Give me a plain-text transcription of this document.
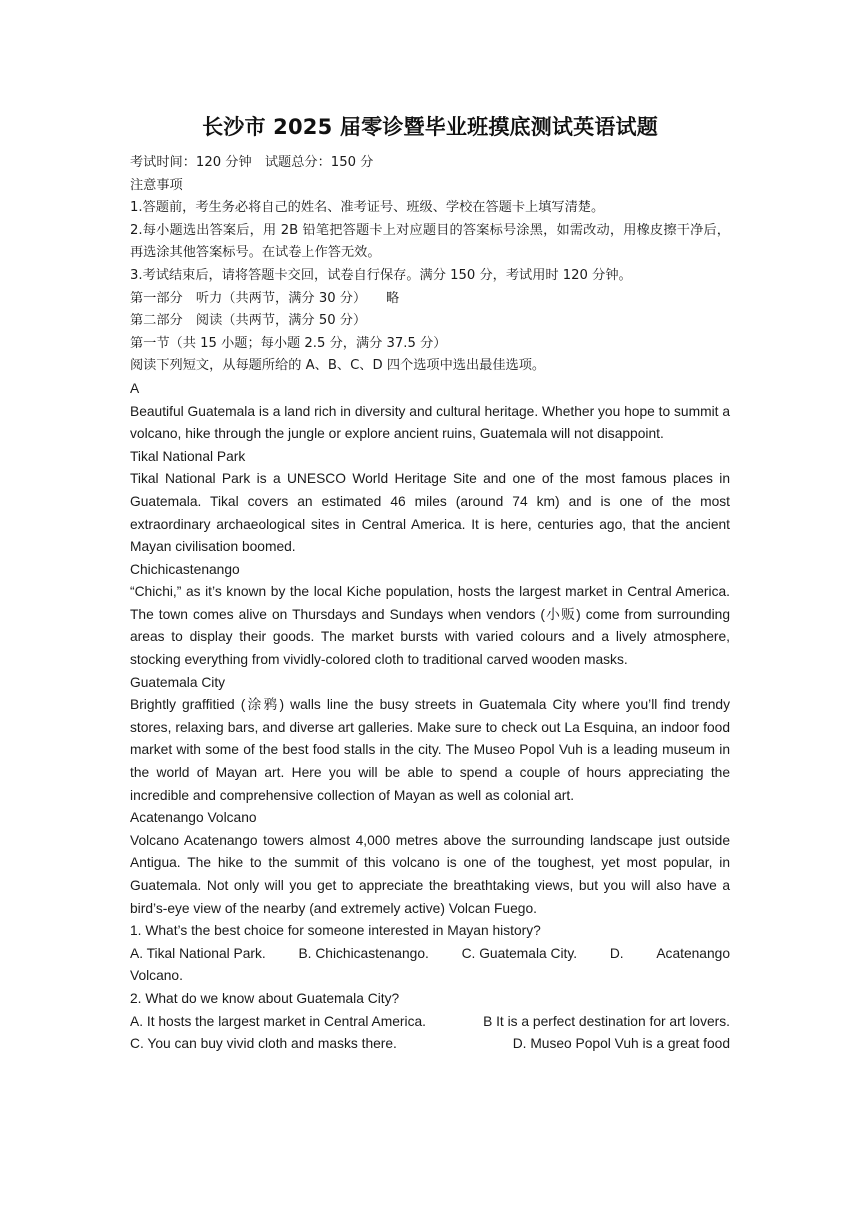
长沙市 2025 届零诊暨毕业班摸底测试英语试题

考试时间：120 分钟　试题总分：150 分

注意事项

1.答题前，考生务必将自己的姓名、准考证号、班级、学校在答题卡上填写清楚。

2.每小题选出答案后，用 2B 铅笔把答题卡上对应题目的答案标号涂黑，如需改动，用橡皮擦干净后，再选涂其他答案标号。在试卷上作答无效。

3.考试结束后，请将答题卡交回，试卷自行保存。满分 150 分，考试用时 120 分钟。

第一部分　听力（共两节，满分 30 分）　　略

第二部分　阅读（共两节，满分 50 分）

第一节（共 15 小题；每小题 2.5 分，满分 37.5 分）

阅读下列短文，从每题所给的 A、B、C、D 四个选项中选出最佳选项。

A

Beautiful Guatemala is a land rich in diversity and cultural heritage. Whether you hope to summit a volcano, hike through the jungle or explore ancient ruins, Guatemala will not disappoint.

Tikal National Park

Tikal National Park is a UNESCO World Heritage Site and one of the most famous places in Guatemala. Tikal covers an estimated 46 miles (around 74 km) and is one of the most extraordinary archaeological sites in Central America. It is here, centuries ago, that the ancient Mayan civilisation boomed.

Chichicastenango

“Chichi,” as it’s known by the local Kiche population, hosts the largest market in Central America. The town comes alive on Thursdays and Sundays when vendors (小贩) come from surrounding areas to display their goods. The market bursts with varied colours and a lively atmosphere, stocking everything from vividly-colored cloth to traditional carved wooden masks.

Guatemala City

Brightly graffitied (涂鸦) walls line the busy streets in Guatemala City where you’ll find trendy stores, relaxing bars, and diverse art galleries. Make sure to check out La Esquina, an indoor food market with some of the best food stalls in the city. The Museo Popol Vuh is a leading museum in the world of Mayan art. Here you will be able to spend a couple of hours appreciating the incredible and comprehensive collection of Mayan as well as colonial art.

Acatenango Volcano

Volcano Acatenango towers almost 4,000 metres above the surrounding landscape just outside Antigua. The hike to the summit of this volcano is one of the toughest, yet most popular, in Guatemala. Not only will you get to appreciate the breathtaking views, but you will also have a bird’s-eye view of the nearby (and extremely active) Volcan Fuego.

1. What’s the best choice for someone interested in Mayan history?

A. Tikal National Park. B. Chichicastenango. C. Guatemala City. D. Acatenango

Volcano.

2. What do we know about Guatemala City?

A. It hosts the largest market in Central America.	B It is a perfect destination for art lovers.
C. You can buy vivid cloth and masks there.	D. Museo Popol Vuh is a great food
